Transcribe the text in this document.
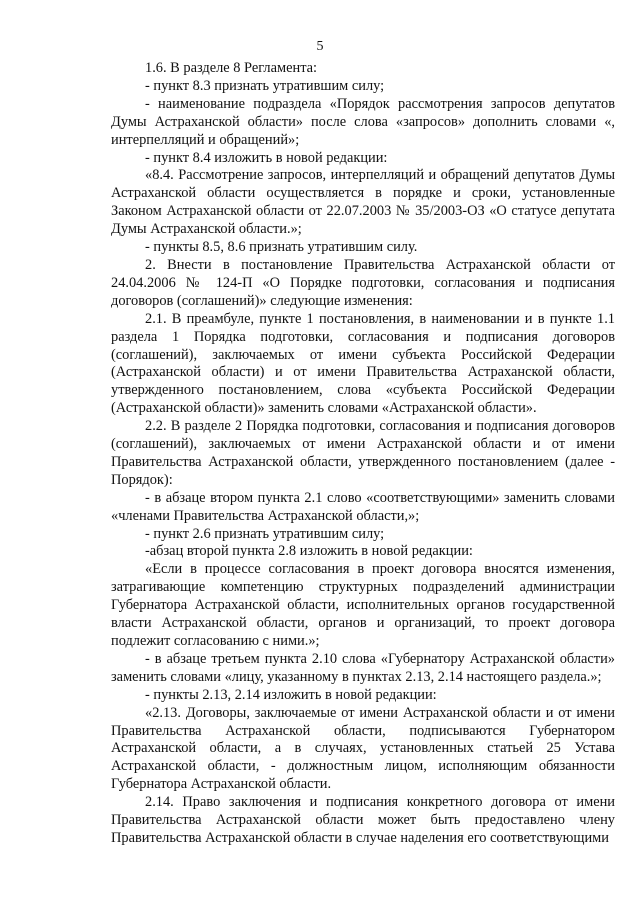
5

1.6. В разделе 8 Регламента:

- пункт 8.3 признать утратившим силу;

- наименование подраздела «Порядок рассмотрения запросов депутатов Думы Астраханской области» после слова «запросов» дополнить словами «, интерпелляций и обращений»;

- пункт 8.4 изложить в новой редакции:

«8.4. Рассмотрение запросов, интерпелляций и обращений депутатов Думы Астраханской области осуществляется в порядке и сроки, установленные Законом Астраханской области от 22.07.2003 № 35/2003-ОЗ «О статусе депутата Думы Астраханской области.»;

- пункты 8.5, 8.6 признать утратившим силу.

2. Внести в постановление Правительства Астраханской области от 24.04.2006 № 124-П «О Порядке подготовки, согласования и подписания договоров (соглашений)» следующие изменения:

2.1. В преамбуле, пункте 1 постановления, в наименовании и в пункте 1.1 раздела 1 Порядка подготовки, согласования и подписания договоров (соглашений), заключаемых от имени субъекта Российской Федерации (Астраханской области) и от имени Правительства Астраханской области, утвержденного постановлением, слова «субъекта Российской Федерации (Астраханской области)» заменить словами «Астраханской области».

2.2. В разделе 2 Порядка подготовки, согласования и подписания договоров (соглашений), заключаемых от имени Астраханской области и от имени Правительства Астраханской области, утвержденного постановлением (далее - Порядок):

- в абзаце втором пункта 2.1 слово «соответствующими» заменить словами «членами Правительства Астраханской области,»;

- пункт 2.6 признать утратившим силу;

-абзац второй пункта 2.8 изложить в новой редакции:

«Если в процессе согласования в проект договора вносятся изменения, затрагивающие компетенцию структурных подразделений администрации Губернатора Астраханской области, исполнительных органов государственной власти Астраханской области, органов и организаций, то проект договора подлежит согласованию с ними.»;

- в абзаце третьем пункта 2.10 слова «Губернатору Астраханской области» заменить словами «лицу, указанному в пунктах 2.13, 2.14 настоящего раздела.»;

- пункты 2.13, 2.14 изложить в новой редакции:

«2.13. Договоры, заключаемые от имени Астраханской области и от имени Правительства Астраханской области, подписываются Губернатором Астраханской области, а в случаях, установленных статьей 25 Устава Астраханской области, - должностным лицом, исполняющим обязанности Губернатора Астраханской области.

2.14. Право заключения и подписания конкретного договора от имени Правительства Астраханской области может быть предоставлено члену Правительства Астраханской области в случае наделения его соответствующими
